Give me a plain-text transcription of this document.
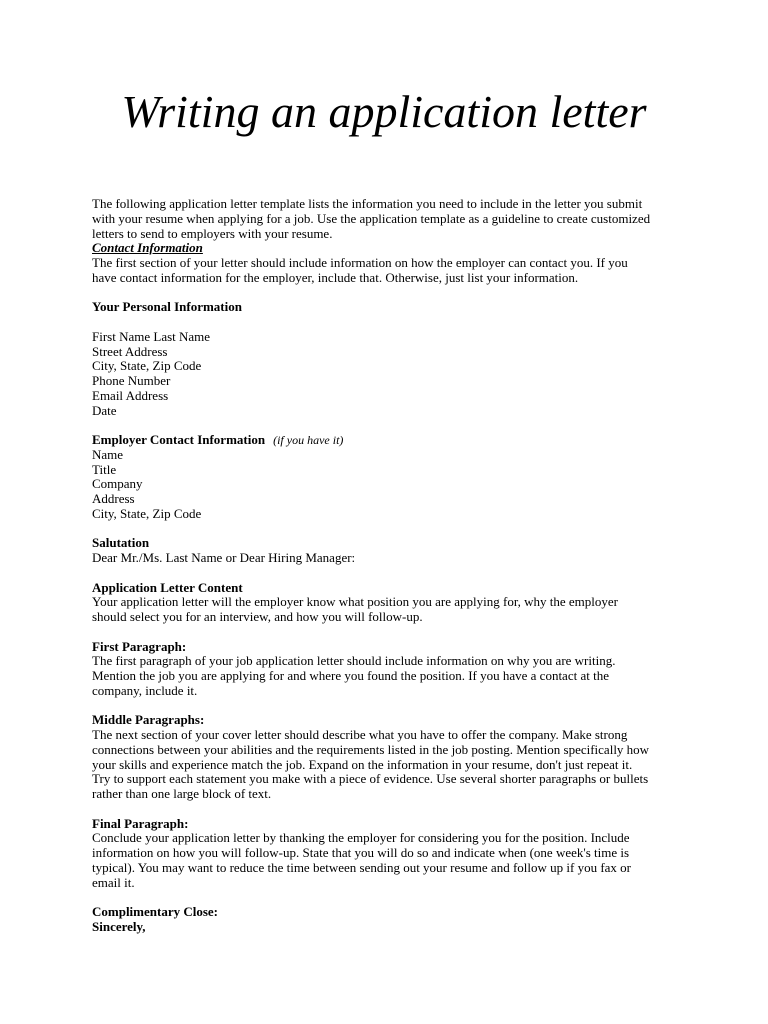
Writing an application letter

The following application letter template lists the information you need to include in the letter you submit

with your resume when applying for a job. Use the application template as a guideline to create customized

letters to send to employers with your resume.

Contact Information

The first section of your letter should include information on how the employer can contact you. If you

have contact information for the employer, include that. Otherwise, just list your information.

Your Personal Information

First Name Last Name

Street Address

City, State, Zip Code

Phone Number

Email Address

Date

Employer Contact Information (if you have it)

Name

Title

Company

Address

City, State, Zip Code

Salutation

Dear Mr./Ms. Last Name or Dear Hiring Manager:

Application Letter Content

Your application letter will the employer know what position you are applying for, why the employer

should select you for an interview, and how you will follow-up.

First Paragraph:

The first paragraph of your job application letter should include information on why you are writing.

Mention the job you are applying for and where you found the position. If you have a contact at the

company, include it.

Middle Paragraphs:

The next section of your cover letter should describe what you have to offer the company. Make strong

connections between your abilities and the requirements listed in the job posting. Mention specifically how

your skills and experience match the job. Expand on the information in your resume, don't just repeat it.

Try to support each statement you make with a piece of evidence. Use several shorter paragraphs or bullets

rather than one large block of text.

Final Paragraph:

Conclude your application letter by thanking the employer for considering you for the position. Include

information on how you will follow-up. State that you will do so and indicate when (one week's time is

typical). You may want to reduce the time between sending out your resume and follow up if you fax or

email it.

Complimentary Close:

Sincerely,
